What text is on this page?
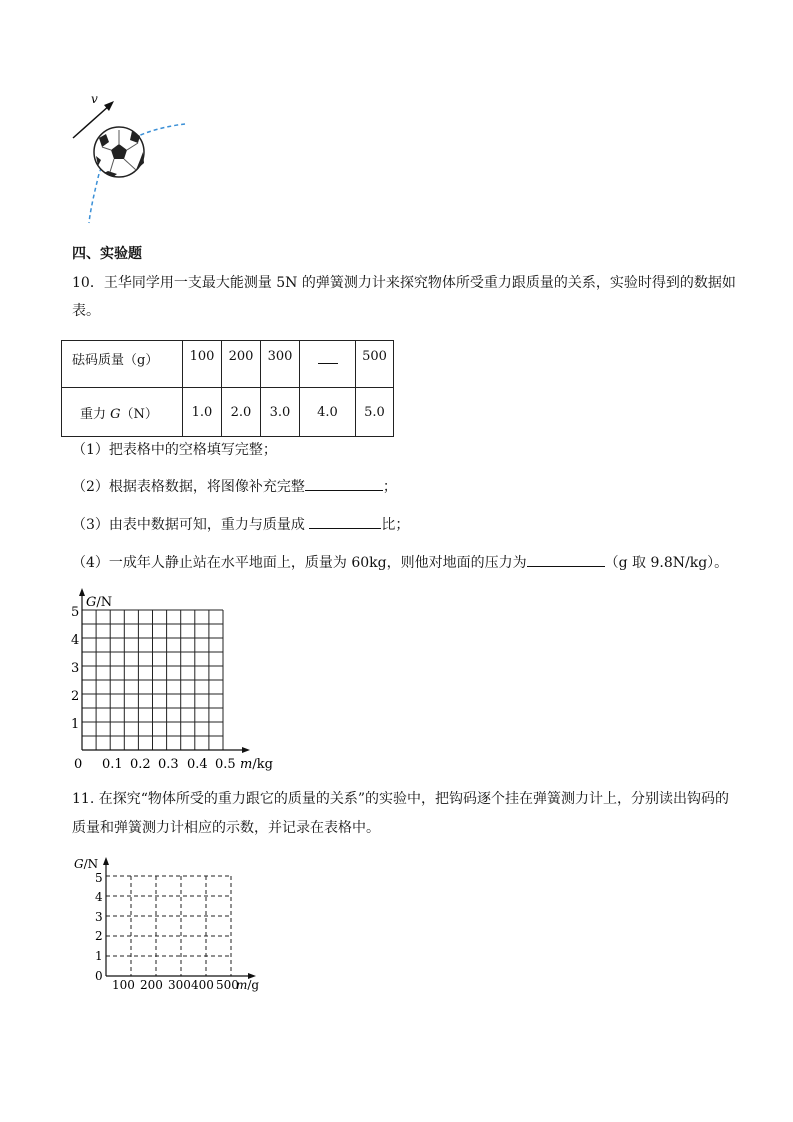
v
四、实验题
10．王华同学用一支最大能测量 5N 的弹簧测力计来探究物体所受重力跟质量的关系，实验时得到的数据如
表。
砝码质量（g）	100	200	300		500
重力 G（N）	1.0	2.0	3.0	4.0	5.0
（1）把表格中的空格填写完整；
（2）根据表格数据，将图像补充完整	；
（3）由表中数据可知，重力与质量成	比；
（4）一成年人静止站在水平地面上，质量为 60kg，则他对地面的压力为	（g 取 9.8N/kg）。
G/N
1
2
3
4
5
0 0.1 0.2 0.3 0.4 0.5 m/kg
11. 在探究“物体所受的重力跟它的质量的关系”的实验中，把钩码逐个挂在弹簧测力计上，分别读出钩码的
质量和弹簧测力计相应的示数，并记录在表格中。
G/N
1
2
3
4
5
0
100 200 300 400 500
m/g
